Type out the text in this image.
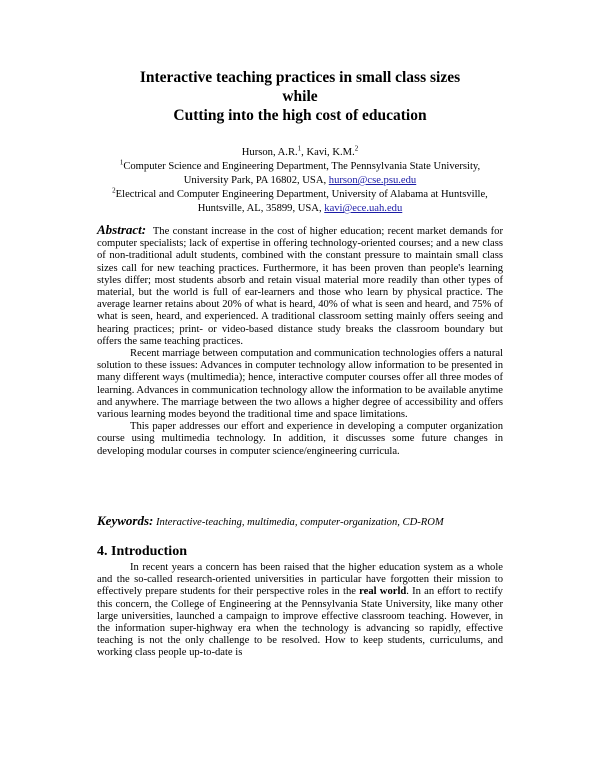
Interactive teaching practices in small class sizes
while
Cutting into the high cost of education
Hurson, A.R.$^1$, Kavi, K.M.$^2$
$^1$Computer Science and Engineering Department, The Pennsylvania State University,
University Park, PA 16802, USA, hurson@cse.psu.edu
$^2$Electrical and Computer Engineering Department, University of Alabama at Huntsville,
Huntsville, AL, 35899, USA, kavi@ece.uah.edu

Abstract: The constant increase in the cost of higher education; recent market demands for computer specialists; lack of expertise in offering technology-oriented courses; and a new class of non-traditional adult students, combined with the constant pressure to maintain small class sizes call for new teaching practices. Furthermore, it has been proven than people's learning styles differ; most students absorb and retain visual material more readily than other types of material, but the world is full of ear-learners and those who learn by physical practice. The average learner retains about 20% of what is heard, 40% of what is seen and heard, and 75% of what is seen, heard, and experienced. A traditional classroom setting mainly offers seeing and hearing practices; print- or video-based distance study breaks the classroom boundary but offers the same teaching practices.

Recent marriage between computation and communication technologies offers a natural solution to these issues: Advances in computer technology allow information to be presented in many different ways (multimedia); hence, interactive computer courses offer all three modes of learning. Advances in communication technology allow the information to be available anytime and anywhere. The marriage between the two allows a higher degree of accessibility and offers various learning modes beyond the traditional time and space limitations.

This paper addresses our effort and experience in developing a computer organization course using multimedia technology. In addition, it discusses some future changes in developing modular courses in computer science/engineering curricula.

Keywords: Interactive-teaching, multimedia, computer-organization, CD-ROM
4. Introduction

In recent years a concern has been raised that the higher education system as a whole and the so-called research-oriented universities in particular have forgotten their mission to effectively prepare students for their perspective roles in the real world. In an effort to rectify this concern, the College of Engineering at the Pennsylvania State University, like many other large universities, launched a campaign to improve effective classroom teaching. However, in the information super-highway era when the technology is advancing so rapidly, effective teaching is not the only challenge to be resolved. How to keep students, curriculums, and working class people up-to-date is
